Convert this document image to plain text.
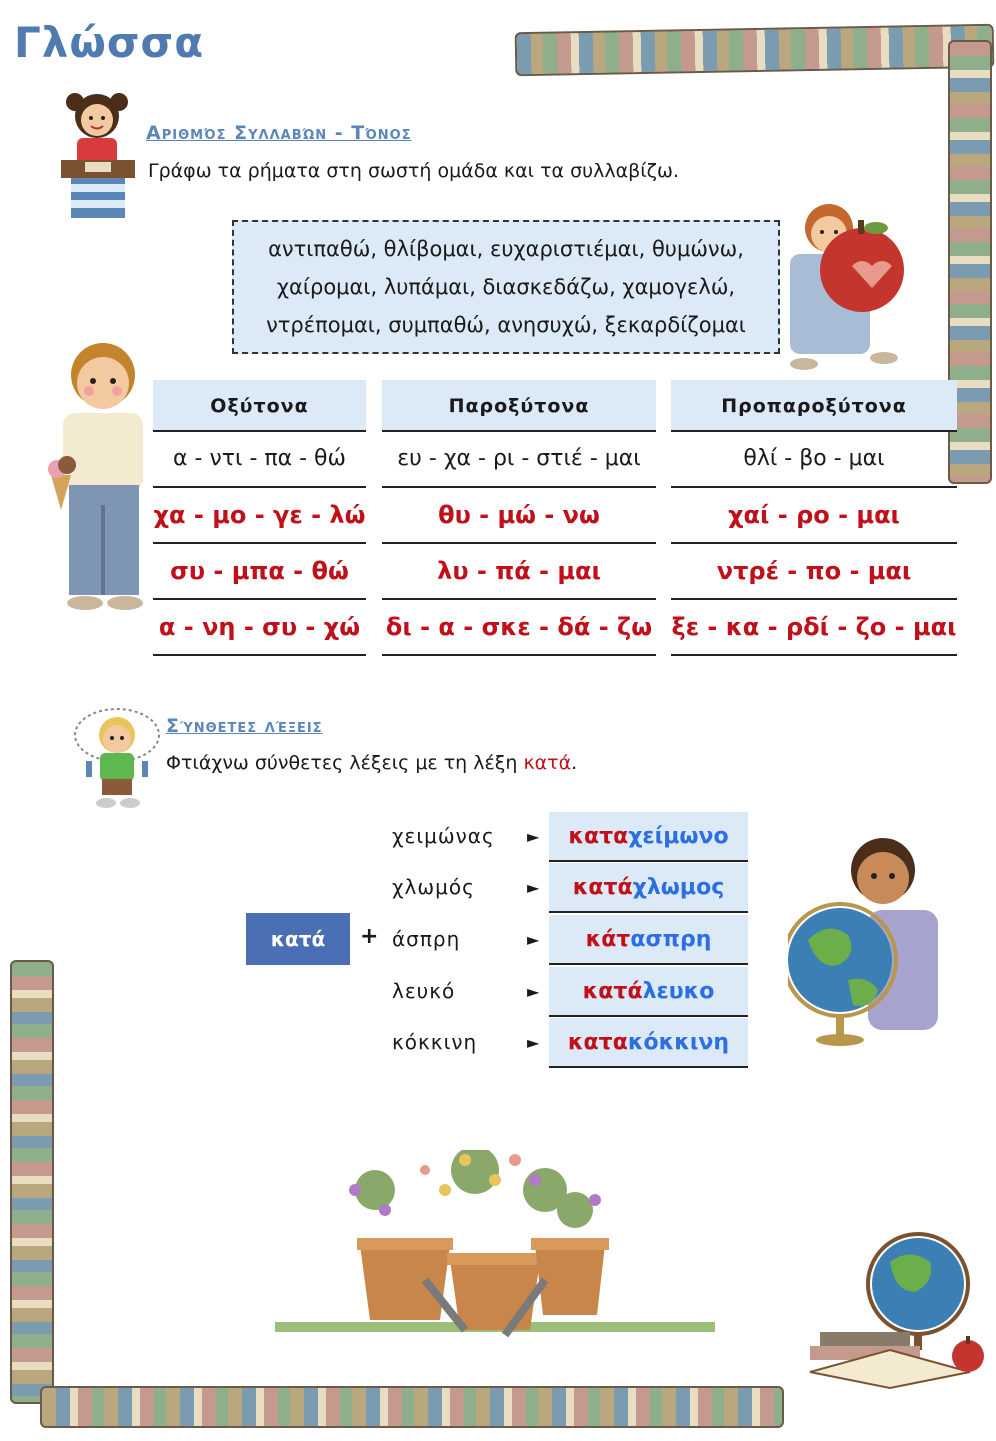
Γλώσσα
Αριθμός Συλλαβών - Τόνος
Γράφω τα ρήματα στη σωστή ομάδα και τα συλλαβίζω.
αντιπαθώ, θλίβομαι, ευχαριστιέμαι, θυμώνω,
χαίρομαι, λυπάμαι, διασκεδάζω, χαμογελώ,
ντρέπομαι, συμπαθώ, ανησυχώ, ξεκαρδίζομαι
Οξύτονα
α - ντι - πα - θώ
χα - μο - γε - λώ
συ - μπα - θώ
α - νη - συ - χώ
Παροξύτονα
ευ - χα - ρι - στιέ - μαι
θυ - μώ - νω
λυ - πά - μαι
δι - α - σκε - δά - ζω
Προπαροξύτονα
θλί - βο - μαι
χαί - ρο - μαι
ντρέ - πο - μαι
ξε - κα - ρδί - ζο - μαι
Σύνθετες λέξεις
Φτιάχνω σύνθετες λέξεις με τη λέξη κατά.
κατά	+
χειμώνας
χλωμός
άσπρη
λευκό
κόκκινη
►
►
►
►
►
καταχείμωνο
κατάχλωμος
κάτασπρη
κατάλευκο
κατακόκκινη
